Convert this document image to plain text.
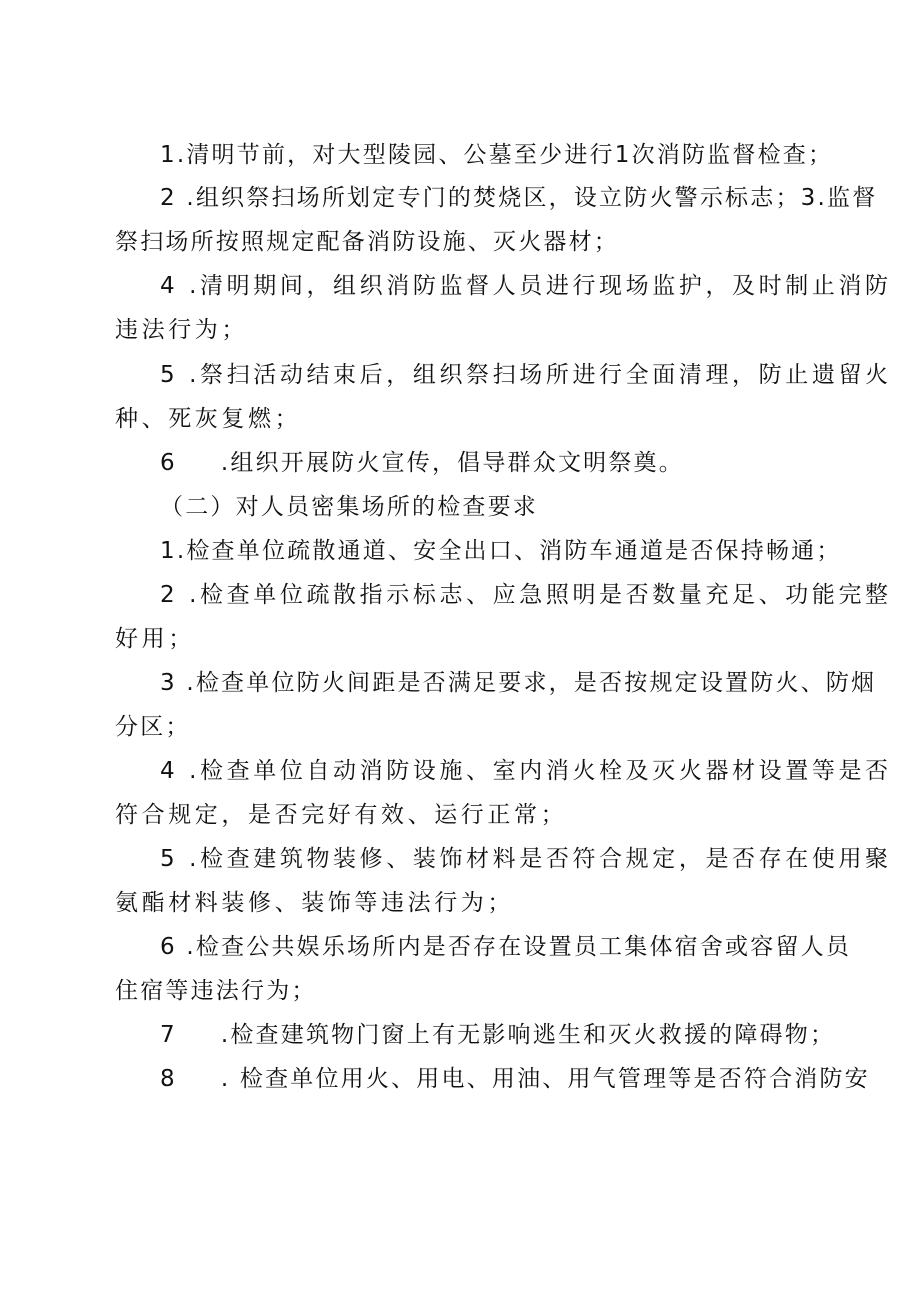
1.清明节前，对大型陵园、公墓至少进行1次消防监督检查；
2 .组织祭扫场所划定专门的焚烧区，设立防火警示标志；3.监督
祭扫场所按照规定配备消防设施、灭火器材；
4 .清明期间，组织消防监督人员进行现场监护，及时制止消防
违法行为；
5 .祭扫活动结束后，组织祭扫场所进行全面清理，防止遗留火
种、死灰复燃；
6 .组织开展防火宣传，倡导群众文明祭奠。
（二）对人员密集场所的检查要求
1.检查单位疏散通道、安全出口、消防车通道是否保持畅通；
2 .检查单位疏散指示标志、应急照明是否数量充足、功能完整
好用；
3 .检查单位防火间距是否满足要求，是否按规定设置防火、防烟
分区；
4 .检查单位自动消防设施、室内消火栓及灭火器材设置等是否
符合规定，是否完好有效、运行正常；
5 .检查建筑物装修、装饰材料是否符合规定，是否存在使用聚
氨酯材料装修、装饰等违法行为；
6 .检查公共娱乐场所内是否存在设置员工集体宿舍或容留人员
住宿等违法行为；
7 .检查建筑物门窗上有无影响逃生和灭火救援的障碍物；
8 . 检查单位用火、用电、用油、用气管理等是否符合消防安
